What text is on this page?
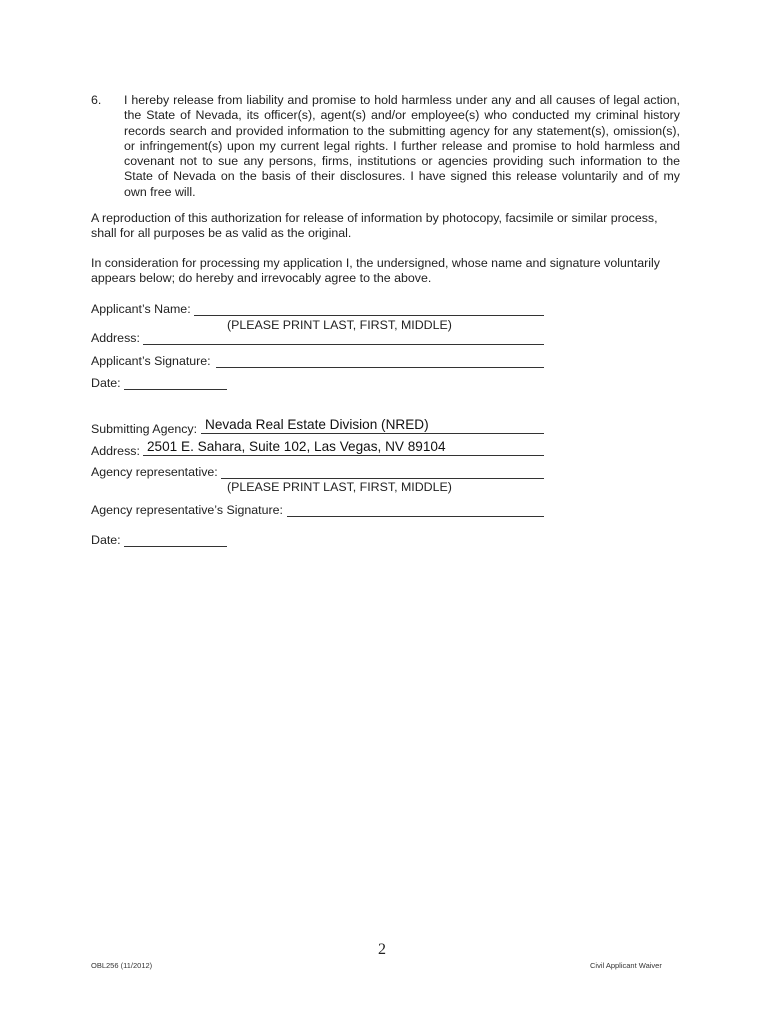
6. I hereby release from liability and promise to hold harmless under any and all causes of legal action, the State of Nevada, its officer(s), agent(s) and/or employee(s) who conducted my criminal history records search and provided information to the submitting agency for any statement(s), omission(s), or infringement(s) upon my current legal rights. I further release and promise to hold harmless and covenant not to sue any persons, firms, institutions or agencies providing such information to the State of Nevada on the basis of their disclosures. I have signed this release voluntarily and of my own free will.
A reproduction of this authorization for release of information by photocopy, facsimile or similar process, shall for all purposes be as valid as the original.
In consideration for processing my application I, the undersigned, whose name and signature voluntarily appears below; do hereby and irrevocably agree to the above.
Applicant’s Name:
(PLEASE PRINT LAST, FIRST, MIDDLE)
Address:
Applicant’s Signature:
Date:
Submitting Agency: Nevada Real Estate Division (NRED)
Address: 2501 E. Sahara, Suite 102, Las Vegas, NV 89104
Agency representative:
(PLEASE PRINT LAST, FIRST, MIDDLE)
Agency representative’s Signature:
Date:
2
OBL256 (11/2012)	Civil Applicant Waiver
